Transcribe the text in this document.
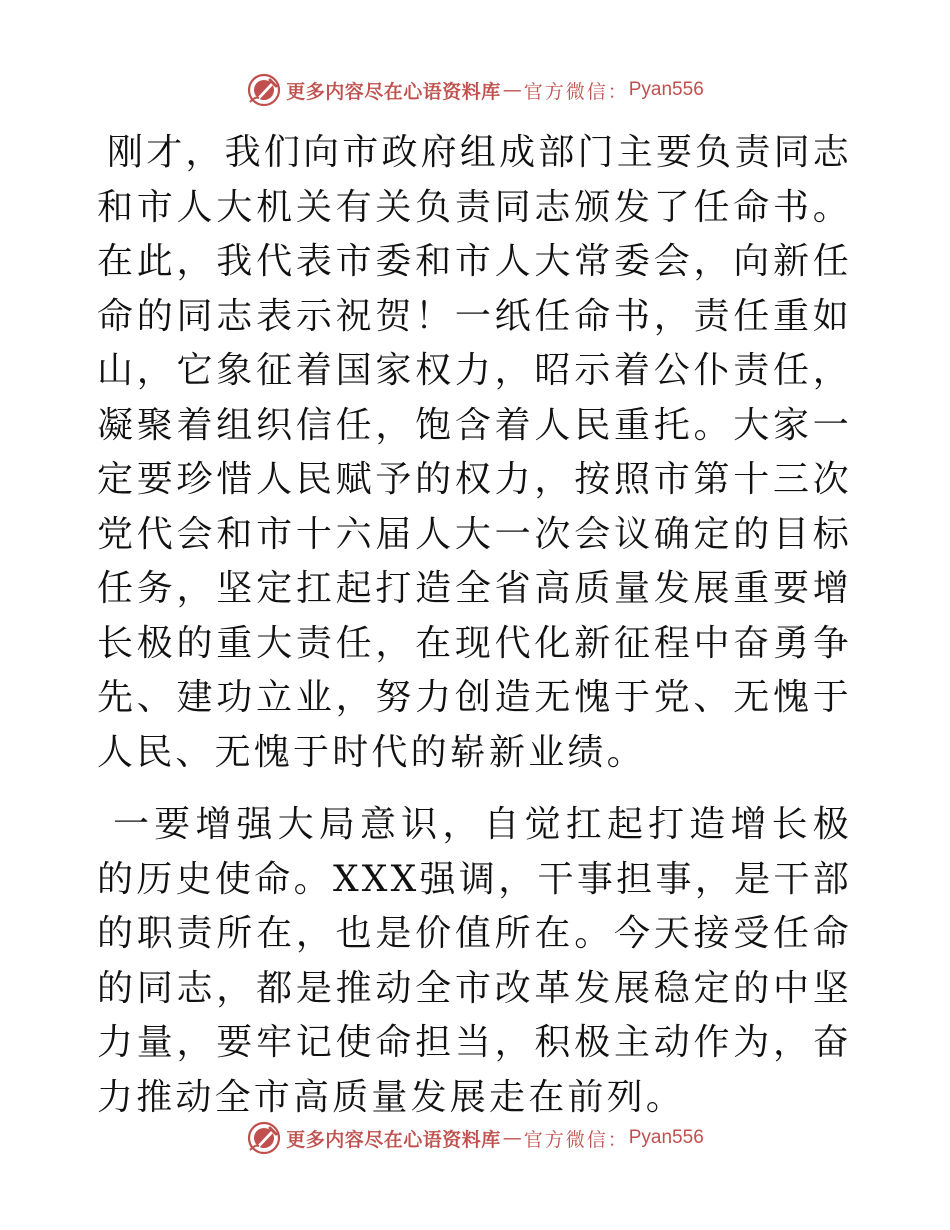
更多内容尽在心语资料库 — 官方微信： Pyan556

刚才，我们向市政府组成部门主要负责同志和市人大机关有关负责同志颁发了任命书。在此，我代表市委和市人大常委会，向新任命的同志表示祝贺！一纸任命书，责任重如山，它象征着国家权力，昭示着公仆责任，凝聚着组织信任，饱含着人民重托。大家一定要珍惜人民赋予的权力，按照市第十三次党代会和市十六届人大一次会议确定的目标任务，坚定扛起打造全省高质量发展重要增长极的重大责任，在现代化新征程中奋勇争先、建功立业，努力创造无愧于党、无愧于人民、无愧于时代的崭新业绩。

一要增强大局意识，自觉扛起打造增长极的历史使命。XXX强调，干事担事，是干部的职责所在，也是价值所在。今天接受任命的同志，都是推动全市改革发展稳定的中坚力量，要牢记使命担当，积极主动作为，奋力推动全市高质量发展走在前列。

更多内容尽在心语资料库 — 官方微信： Pyan556
